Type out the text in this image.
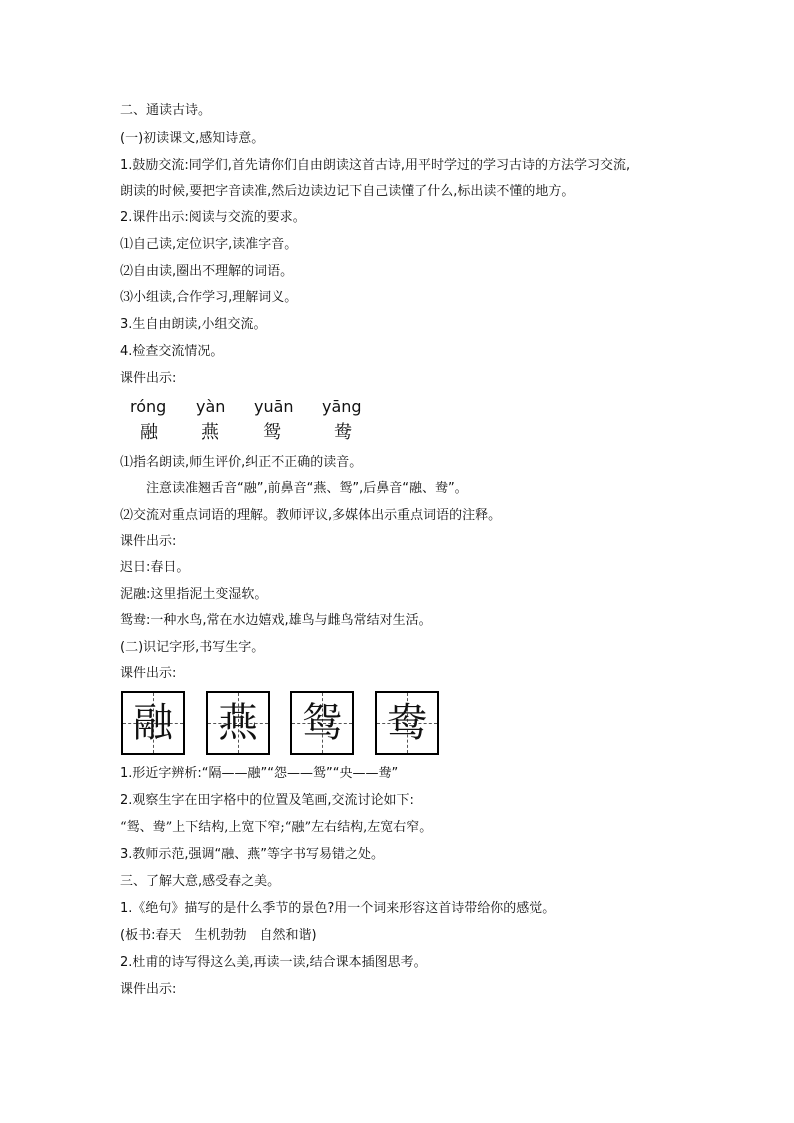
二、通读古诗。
(一)初读课文,感知诗意。
1.鼓励交流:同学们,首先请你们自由朗读这首古诗,用平时学过的学习古诗的方法学习交流,
朗读的时候,要把字音读准,然后边读边记下自己读懂了什么,标出读不懂的地方。
2.课件出示:阅读与交流的要求。
⑴自己读,定位识字,读准字音。
⑵自由读,圈出不理解的词语。
⑶小组读,合作学习,理解词义。
3.生自由朗读,小组交流。
4.检查交流情况。
课件出示:
róng yàn yuān yāng
融 燕 鸳	鸯
⑴指名朗读,师生评价,纠正不正确的读音。
注意读准翘舌音“融”,前鼻音“燕、鸳”,后鼻音“融、鸯”。
⑵交流对重点词语的理解。教师评议,多媒体出示重点词语的注释。
课件出示:
迟日:春日。
泥融:这里指泥土变湿软。
鸳鸯:一种水鸟,常在水边嬉戏,雄鸟与雌鸟常结对生活。
(二)识记字形,书写生字。
课件出示:
融 燕 鸳 鸯
1.形近字辨析:“隔——融”“怨——鸳”“央——鸯”
2.观察生字在田字格中的位置及笔画,交流讨论如下:
“鸳、鸯”上下结构,上宽下窄;“融”左右结构,左宽右窄。
3.教师示范,强调“融、燕”等字书写易错之处。
三、了解大意,感受春之美。
1.《绝句》描写的是什么季节的景色?用一个词来形容这首诗带给你的感觉。
(板书:春天　生机勃勃　自然和谐)
2.杜甫的诗写得这么美,再读一读,结合课本插图思考。
课件出示:
